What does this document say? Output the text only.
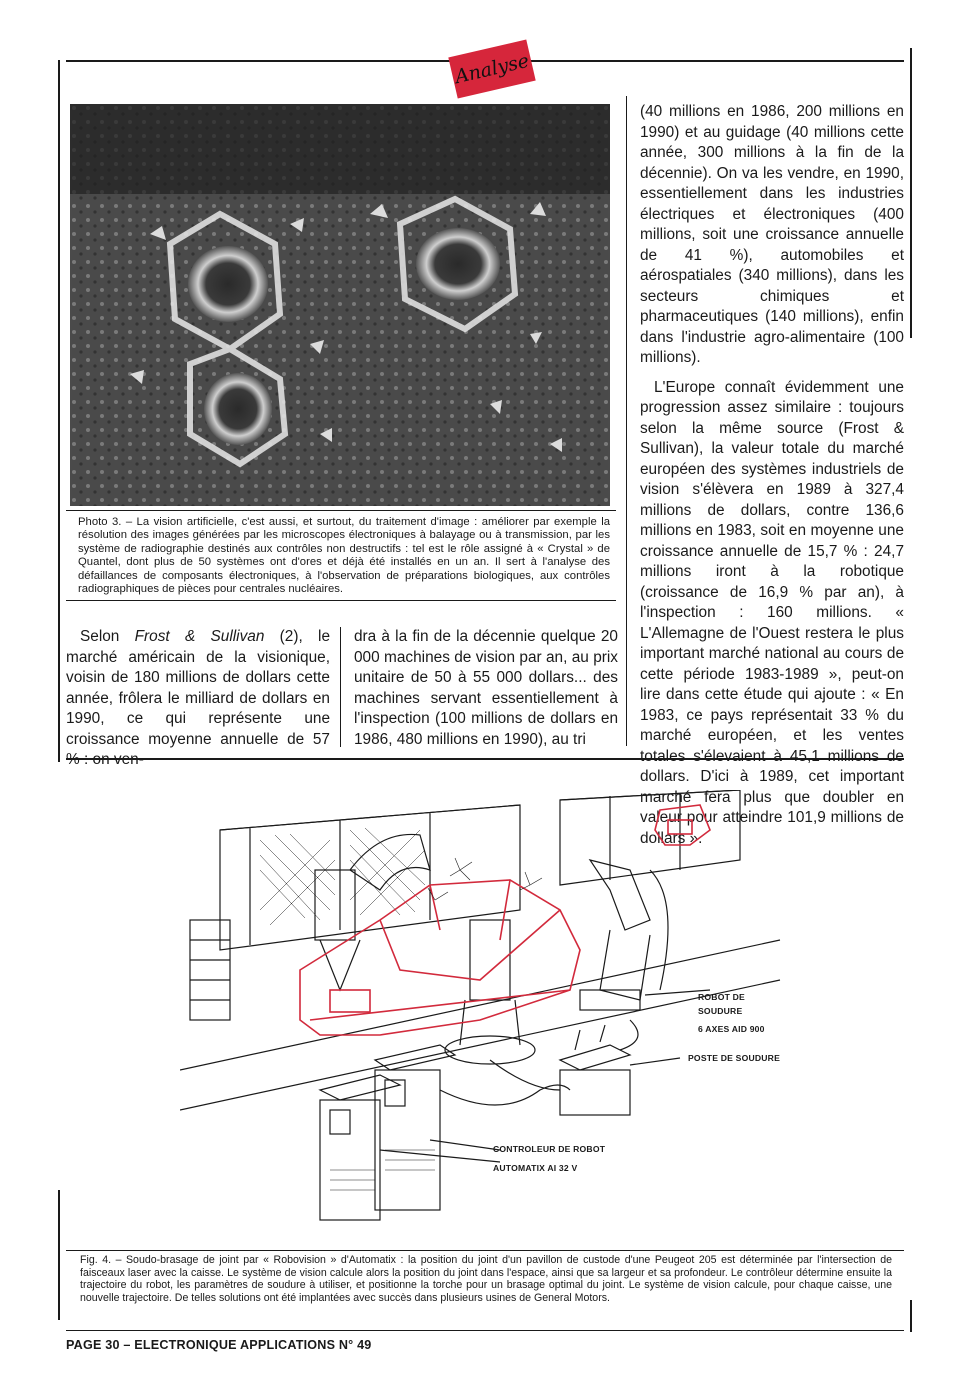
Analyse
Photo 3. – La vision artificielle, c'est aussi, et surtout, du traitement d'image : améliorer par exemple la résolution des images générées par les microscopes électroniques à balayage ou à transmission, par les système de radiographie destinés aux contrôles non destructifs : tel est le rôle assigné à « Crystal » de Quantel, dont plus de 50 systèmes ont d'ores et déjà été installés en un an. Il sert à l'analyse des défaillances de composants électroniques, à l'observation de préparations biologiques, aux contrôles radiographiques de pièces pour centrales nucléaires.

Selon Frost & Sullivan (2), le marché américain de la visionique, voisin de 180 millions de dollars cette année, frôlera le milliard de dollars en 1990, ce qui représente une croissance moyenne annuelle de 57 % : on ven-

dra à la fin de la décennie quelque 20 000 machines de vision par an, au prix unitaire de 50 à 55 000 dollars... des machines servant essentiellement à l'inspection (100 millions de dollars en 1986, 480 millions en 1990), au tri

(40 millions en 1986, 200 millions en 1990) et au guidage (40 millions cette année, 300 millions à la fin de la décennie). On va les vendre, en 1990, essentiellement dans les industries électriques et électroniques (400 millions, soit une croissance annuelle de 41 %), automobiles et aérospatiales (340 millions), dans les secteurs chimiques et pharmaceutiques (140 millions), enfin dans l'industrie agro-alimentaire (100 millions).

L'Europe connaît évidemment une progression assez similaire : toujours selon la même source (Frost & Sullivan), la valeur totale du marché européen des systèmes industriels de vision s'élèvera en 1989 à 327,4 millions de dollars, contre 136,6 millions en 1983, soit en moyenne une croissance annuelle de 15,7 % : 24,7 millions iront à la robotique (croissance de 16,9 % par an), à l'inspection : 160 millions. « L'Allemagne de l'Ouest restera le plus important marché national au cours de cette période 1983-1989 », peut-on lire dans cette étude qui ajoute : « En 1983, ce pays représentait 33 % du marché européen, et les ventes totales s'élevaient à 45,1 millions de dollars. D'ici à 1989, cet important marché fera plus que doubler en valeur pour atteindre 101,9 millions de dollars ».

ROBOT DE SOUDURE
6 AXES AID 900
POSTE DE SOUDURE
CONTROLEUR DE ROBOT
AUTOMATIX AI 32 V
Fig. 4. – Soudo-brasage de joint par « Robovision » d'Automatix : la position du joint d'un pavillon de custode d'une Peugeot 205 est déterminée par l'intersection de faisceaux laser avec la caisse. Le système de vision calcule alors la position du joint dans l'espace, ainsi que sa largeur et sa profondeur. Le contrôleur détermine ensuite la trajectoire du robot, les paramètres de soudure à utiliser, et positionne la torche pour un brasage optimal du joint. Le système de vision calcule, pour chaque caisse, une nouvelle trajectoire. De telles solutions ont été implantées avec succès dans plusieurs usines de General Motors.
PAGE 30 – ELECTRONIQUE APPLICATIONS N° 49
